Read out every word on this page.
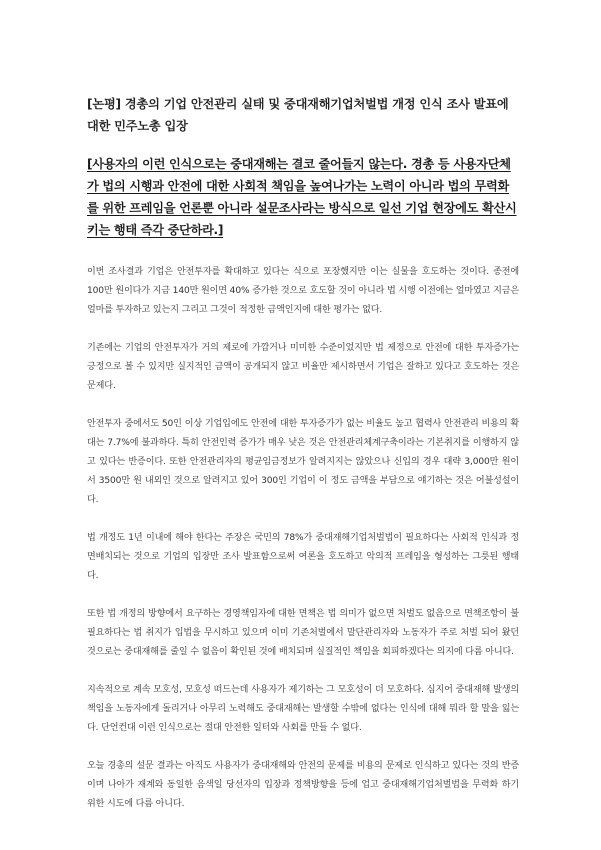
[논평] 경총의 기업 안전관리 실태 및 중대재해기업처벌법 개정 인식 조사 발표에 대한 민주노총 입장
[사용자의 이런 인식으로는 중대재해는 결코 줄어들지 않는다. 경총 등 사용자단체가 법의 시행과 안전에 대한 사회적 책임을 높여나가는 노력이 아니라 법의 무력화를 위한 프레임을 언론뿐 아니라 설문조사라는 방식으로 일선 기업 현장에도 확산시키는 행태 즉각 중단하라.]
이번 조사결과 기업은 안전투자를 확대하고 있다는 식으로 포장했지만 이는 실물을 호도하는 것이다. 종전에 100만 원이다가 지금 140만 원이면 40% 증가한 것으로 호도할 것이 아니라 법 시행 이전에는 얼마였고 지금은 얼마를 투자하고 있는지 그리고 그것이 적정한 금액인지에 대한 평가는 없다.
기존에는 기업의 안전투자가 거의 제로에 가깝거나 미미한 수준이었지만 법 제정으로 안전에 대한 투자증가는 긍정으로 볼 수 있지만 실지적인 금액이 공개되지 않고 비율만 제시하면서 기업은 잘하고 있다고 호도하는 것은 문제다.
안전투자 중에서도 50인 이상 기업입에도 안전에 대한 투자증가가 없는 비율도 높고 협력사 안전관리 비용의 확대는 7.7%에 불과하다. 특히 안전인력 증가가 매우 낮은 것은 안전관리체계구축이라는 기본취지를 이행하지 않고 있다는 반증이다. 또한 안전관리자의 평균임금정보가 알려지지는 않았으나 신입의 경우 대략 3,000만 원이서 3500만 원 내외인 것으로 알려지고 있어 300인 기업이 이 정도 금액을 부담으로 얘기하는 것은 어불성설이다.
법 개정도 1년 이내에 해야 한다는 주장은 국민의 78%가 중대재해기업처벌법이 필요하다는 사회적 인식과 정면배치되는 것으로 기업의 입장만 조사 발표함으로써 여론을 호도하고 악의적 프레임을 형성하는 그릇된 행태다.
또한 법 개정의 방향에서 요구하는 경영책임자에 대한 면책은 법 의미가 없으면 처벌도 없음으로 면책조항이 불필요하다는 법 취지가 입법을 무시하고 있으며 이미 기존처벌에서 말단관리자와 노동자가 주로 처벌 되어 왔던 것으로는 중대재해를 줄일 수 없음이 확인된 것에 배치되며 실질적인 책임을 회피하겠다는 의지에 다름 아니다.
지속적으로 계속 모호성, 모호성 떠드는데 사용자가 제기하는 그 모호성이 더 모호하다. 심지어 중대재해 발생의 책임을 노동자에게 돌리거나 아무리 노력해도 중대재해는 발생할 수밖에 없다는 인식에 대해 뭐라 할 말을 잃는다. 단언컨대 이런 인식으로는 절대 안전한 일터와 사회를 만들 수 없다.
오늘 경총의 설문 결과는 아직도 사용자가 중대재해와 안전의 문제를 비용의 문제로 인식하고 있다는 것의 반증이며 나아가 재계와 동일한 음색일 당선자의 입장과 정책방향을 등에 업고 중대재해기업처벌법을 무력화 하기 위한 시도에 다름 아니다.
